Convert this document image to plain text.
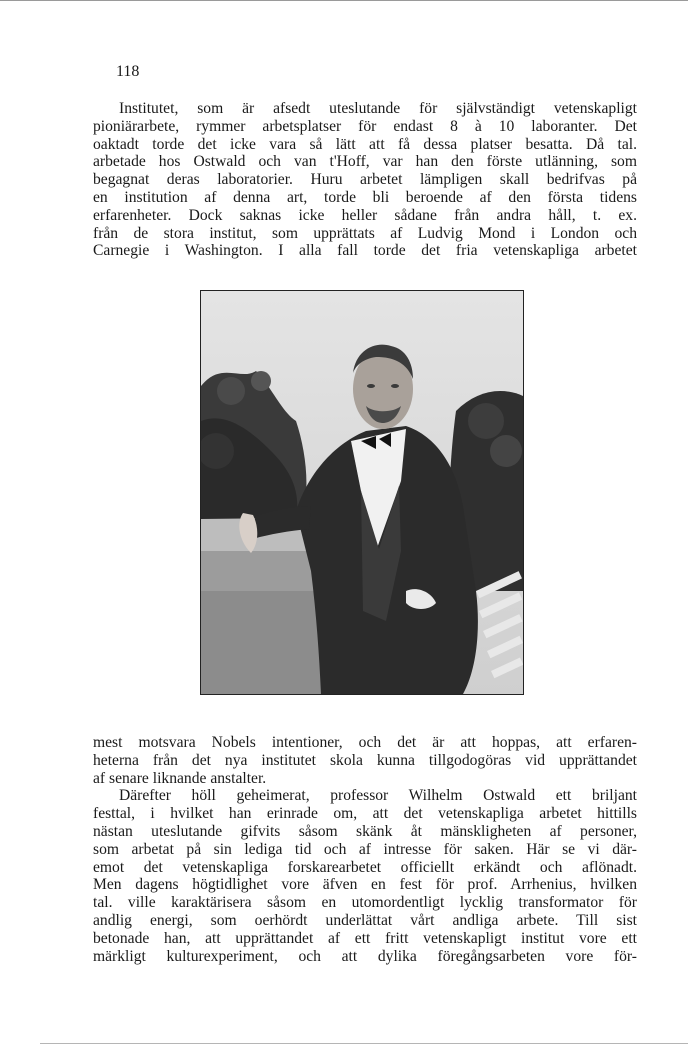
118
Institutet, som är afsedt uteslutande för självständigt vetenskapligt
pioniärarbete, rymmer arbetsplatser för endast 8 à 10 laboranter. Det
oaktadt torde det icke vara så lätt att få dessa platser besatta. Då tal.
arbetade hos Ostwald och van t'Hoff, var han den förste utlänning, som
begagnat deras laboratorier. Huru arbetet lämpligen skall bedrifvas på
en institution af denna art, torde bli beroende af den första tidens
erfarenheter. Dock saknas icke heller sådane från andra håll, t. ex.
från de stora institut, som upprättats af Ludvig Mond i London och
Carnegie i Washington. I alla fall torde det fria vetenskapliga arbetet
mest motsvara Nobels intentioner, och det är att hoppas, att erfaren-
heterna från det nya institutet skola kunna tillgodogöras vid upprättandet
af senare liknande anstalter.
Därefter höll geheimerat, professor Wilhelm Ostwald ett briljant
festtal, i hvilket han erinrade om, att det vetenskapliga arbetet hittills
nästan uteslutande gifvits såsom skänk åt mänskligheten af personer,
som arbetat på sin lediga tid och af intresse för saken. Här se vi där-
emot det vetenskapliga forskarearbetet officiellt erkändt och aflönadt.
Men dagens högtidlighet vore äfven en fest för prof. Arrhenius, hvilken
tal. ville karaktärisera såsom en utomordentligt lycklig transformator för
andlig energi, som oerhördt underlättat vårt andliga arbete. Till sist
betonade han, att upprättandet af ett fritt vetenskapligt institut vore ett
märkligt kulturexperiment, och att dylika föregångsarbeten vore för-
